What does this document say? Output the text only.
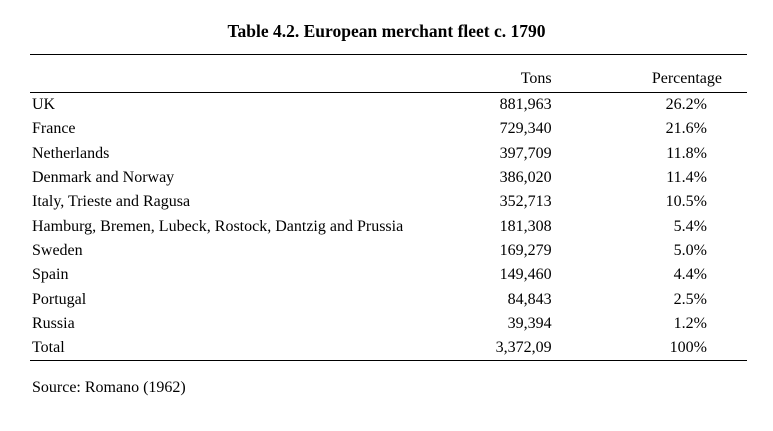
Table 4.2. European merchant fleet c. 1790
	Tons	Percentage
UK	881,963	26.2%
France	729,340	21.6%
Netherlands	397,709	11.8%
Denmark and Norway	386,020	11.4%
Italy, Trieste and Ragusa	352,713	10.5%
Hamburg, Bremen, Lubeck, Rostock, Dantzig and Prussia	181,308	5.4%
Sweden	169,279	5.0%
Spain	149,460	4.4%
Portugal	84,843	2.5%
Russia	39,394	1.2%
Total	3,372,09	100%
Source: Romano (1962)
